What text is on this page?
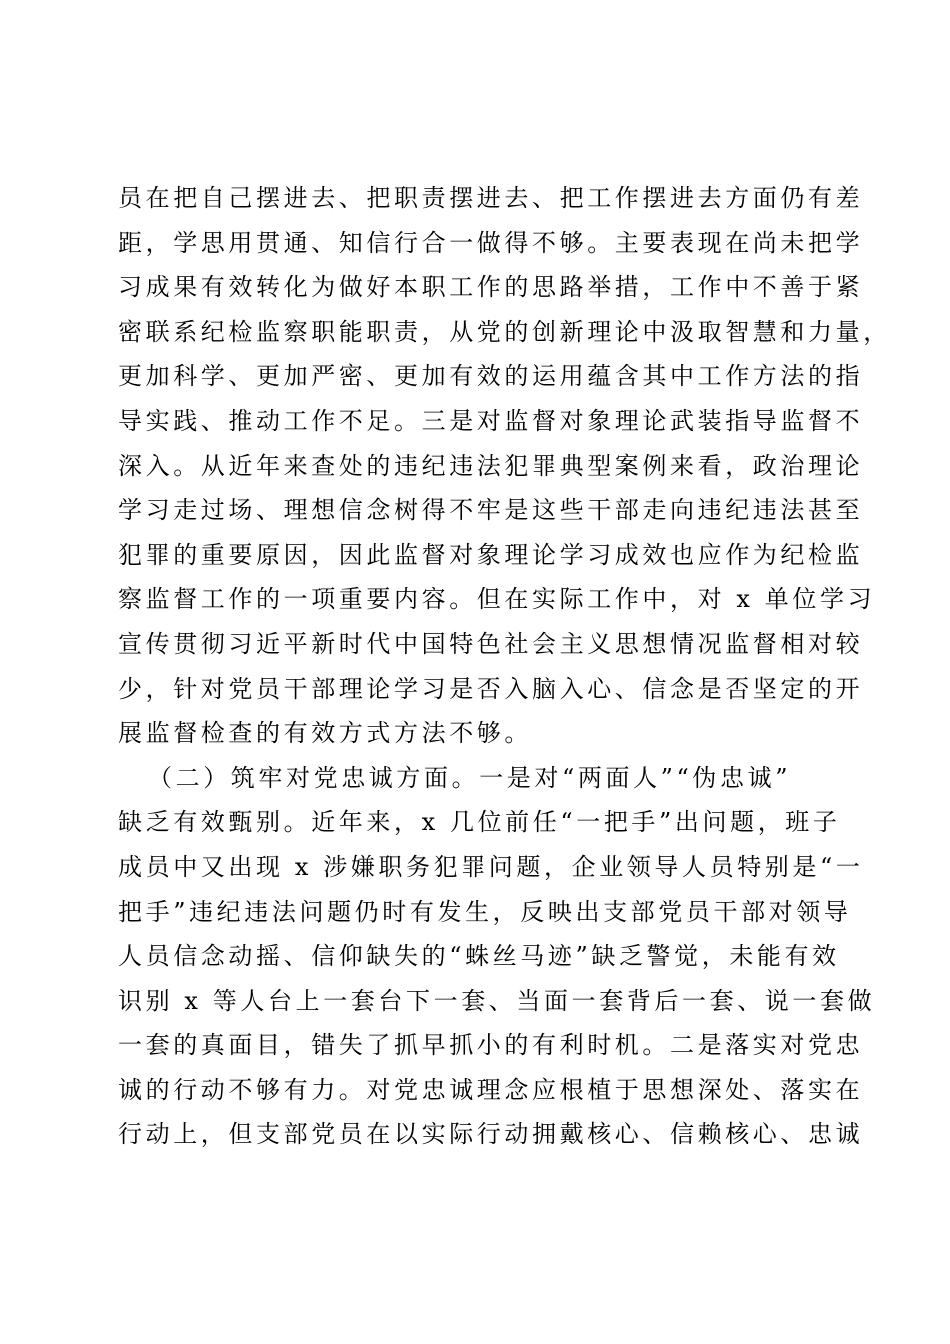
员在把自己摆进去、把职责摆进去、把工作摆进去方面仍有差
距，学思用贯通、知信行合一做得不够。主要表现在尚未把学
习成果有效转化为做好本职工作的思路举措，工作中不善于紧
密联系纪检监察职能职责，从党的创新理论中汲取智慧和力量，
更加科学、更加严密、更加有效的运用蕴含其中工作方法的指
导实践、推动工作不足。三是对监督对象理论武装指导监督不
深入。从近年来查处的违纪违法犯罪典型案例来看，政治理论
学习走过场、理想信念树得不牢是这些干部走向违纪违法甚至
犯罪的重要原因，因此监督对象理论学习成效也应作为纪检监
察监督工作的一项重要内容。但在实际工作中，对 x 单位学习
宣传贯彻习近平新时代中国特色社会主义思想情况监督相对较
少，针对党员干部理论学习是否入脑入心、信念是否坚定的开
展监督检查的有效方式方法不够。
（二）筑牢对党忠诚方面。一是对“两面人”“伪忠诚”
缺乏有效甄别。近年来，x 几位前任“一把手”出问题，班子
成员中又出现 x 涉嫌职务犯罪问题，企业领导人员特别是“一
把手”违纪违法问题仍时有发生，反映出支部党员干部对领导
人员信念动摇、信仰缺失的“蛛丝马迹”缺乏警觉，未能有效
识别 x 等人台上一套台下一套、当面一套背后一套、说一套做
一套的真面目，错失了抓早抓小的有利时机。二是落实对党忠
诚的行动不够有力。对党忠诚理念应根植于思想深处、落实在
行动上，但支部党员在以实际行动拥戴核心、信赖核心、忠诚
